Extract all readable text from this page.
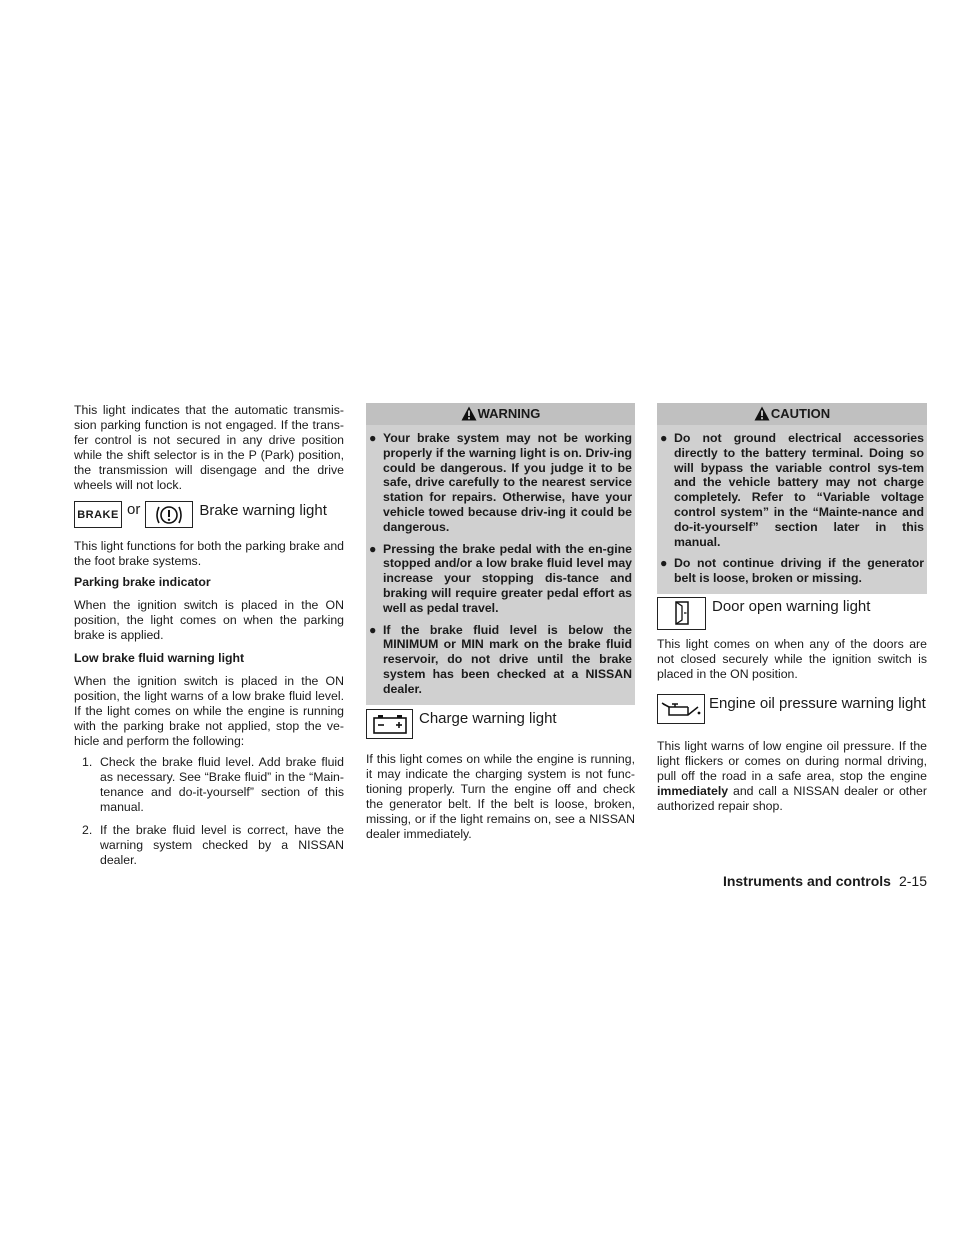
This light indicates that the automatic transmis-sion parking function is not engaged. If the trans-fer control is not secured in any drive position while the shift selector is in the P (Park) position, the transmission will disengage and the drive wheels will not lock.

BRAKE or	Brake warning light

This light functions for both the parking brake and the foot brake systems.

Parking brake indicator

When the ignition switch is placed in the ON position, the light comes on when the parking brake is applied.

Low brake fluid warning light

When the ignition switch is placed in the ON position, the light warns of a low brake fluid level. If the light comes on while the engine is running with the parking brake not applied, stop the ve-hicle and perform the following:

1. Check the brake fluid level. Add brake fluid as necessary. See “Brake fluid” in the “Main-tenance and do-it-yourself” section of this manual.
2. If the brake fluid level is correct, have the warning system checked by a NISSAN dealer.
WARNING
● Your brake system may not be working properly if the warning light is on. Driv-ing could be dangerous. If you judge it to be safe, drive carefully to the nearest service station for repairs. Otherwise, have your vehicle towed because driv-ing it could be dangerous.
● Pressing the brake pedal with the en-gine stopped and/or a low brake fluid level may increase your stopping dis-tance and braking will require greater pedal effort as well as pedal travel.
● If the brake fluid level is below the MINIMUM or MIN mark on the brake fluid reservoir, do not drive until the brake system has been checked at a NISSAN dealer.
Charge warning light

If this light comes on while the engine is running, it may indicate the charging system is not func-tioning properly. Turn the engine off and check the generator belt. If the belt is loose, broken, missing, or if the light remains on, see a NISSAN dealer immediately.

CAUTION
● Do not ground electrical accessories directly to the battery terminal. Doing so will bypass the variable control sys-tem and the vehicle battery may not charge completely. Refer to “Variable voltage control system” in the “Mainte-nance and do-it-yourself” section later in this manual.
● Do not continue driving if the generator belt is loose, broken or missing.
Door open warning light

This light comes on when any of the doors are not closed securely while the ignition switch is placed in the ON position.

Engine oil pressure warning light

This light warns of low engine oil pressure. If the light flickers or comes on during normal driving, pull off the road in a safe area, stop the engine immediately and call a NISSAN dealer or other authorized repair shop.

Instruments and controls 2-15
